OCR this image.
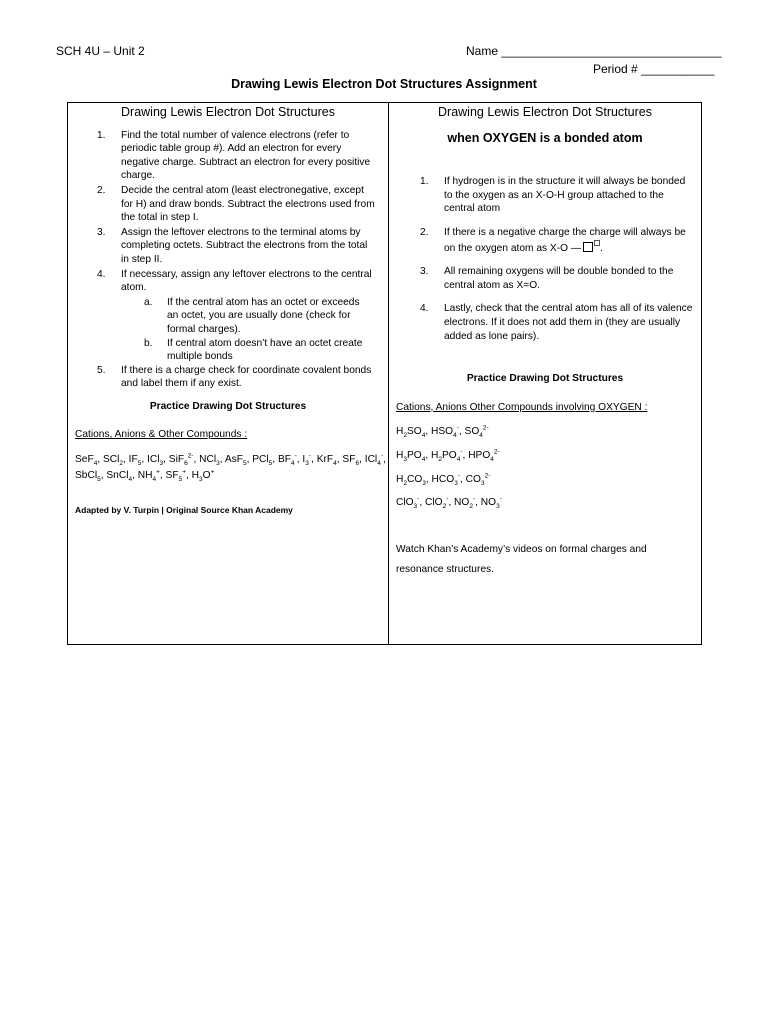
SCH 4U – Unit 2	Name _________________________________
Period # ___________
Drawing Lewis Electron Dot Structures Assignment
Drawing Lewis Electron Dot Structures
1. Find the total number of valence electrons (refer to periodic table group #). Add an electron for every negative charge. Subtract an electron for every positive charge.
2. Decide the central atom (least electronegative, except for H) and draw bonds. Subtract the electrons used from the total in step I.
3. Assign the leftover electrons to the terminal atoms by completing octets. Subtract the electrons from the total in step II.
4. If necessary, assign any leftover electrons to the central atom.
a. If the central atom has an octet or exceeds an octet, you are usually done (check for formal charges).
b. If central atom doesn’t have an octet create multiple bonds
5. If there is a charge check for coordinate covalent bonds and label them if any exist.
Practice Drawing Dot Structures
Cations, Anions & Other Compounds :
SeF$_4$, SCl$_2$, $IF_5$, ICl$_3$, SiF$_6^{2-}$, NCl$_3$, AsF$_5$, PCl$_5$, $BF_4^-$, $I_3^-$, KrF$_4$, $SF_6$, ICl$_4$-,
SbCl$_5$, SnCl$_4$, $NH_4^+$, $SF_5^+$, $H_3O^+$
Adapted by V. Turpin | Original Source Khan Academy
Drawing Lewis Electron Dot Structures
when OXYGEN is a bonded atom
1. If hydrogen is in the structure it will always be bonded to the oxygen as an X-O-H group attached to the central atom
2. If there is a negative charge the charge will always be on the oxygen atom as X-O — .
3. All remaining oxygens will be double bonded to the central atom as X=O.
4. Lastly, check that the central atom has all of its valence electrons. If it does not add them in (they are usually added as lone pairs).
Practice Drawing Dot Structures
Cations, Anions Other Compounds involving OXYGEN :
$H_2SO_4$, $HSO_4^-$, $SO_4^{2-}$
$H_3PO_4$, $H_2PO_4^-$, $HPO_4^{2-}$
$H_2CO_3$, $HCO_3^-$, $CO_3^{2-}$
ClO$_3$-, ClO$_2$-, $NO_2^-$, $NO_3^-$
Watch Khan’s Academy’s videos on formal charges and resonance structures.
